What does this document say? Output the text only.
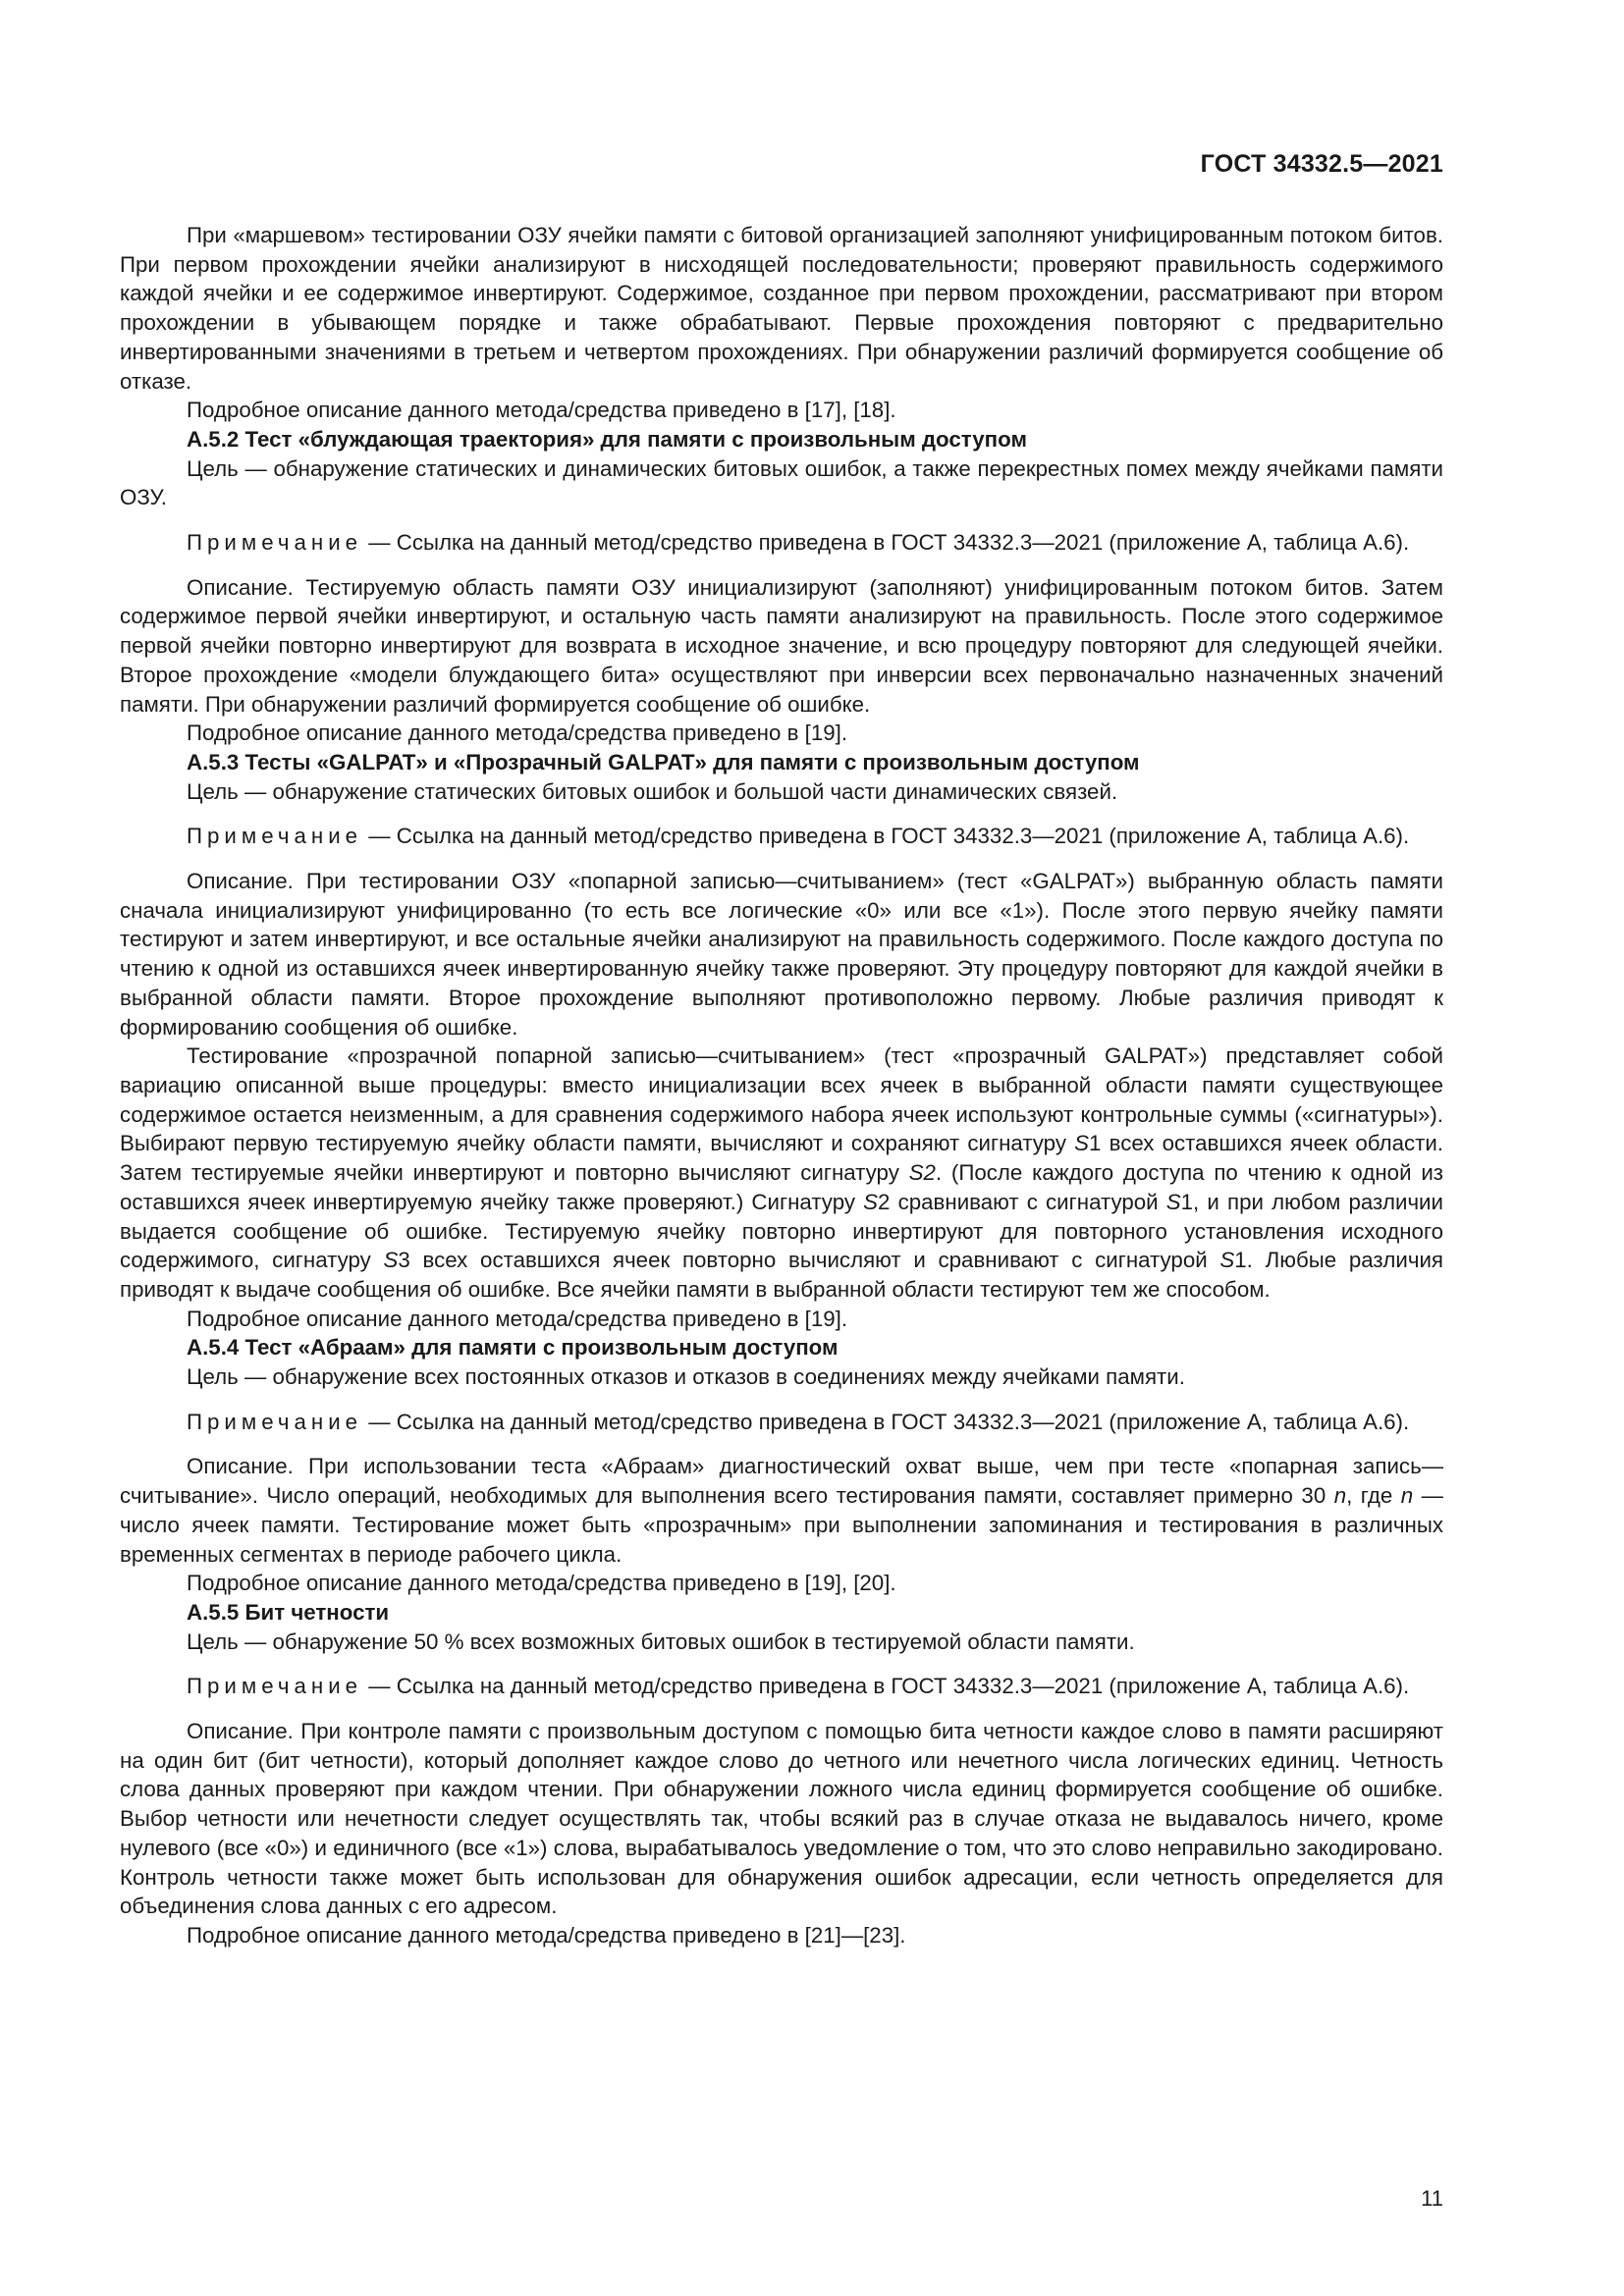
ГОСТ 34332.5—2021

При «маршевом» тестировании ОЗУ ячейки памяти с битовой организацией заполняют унифицированным потоком битов. При первом прохождении ячейки анализируют в нисходящей последовательности; проверяют правильность содержимого каждой ячейки и ее содержимое инвертируют. Содержимое, созданное при первом прохождении, рассматривают при втором прохождении в убывающем порядке и также обрабатывают. Первые прохождения повторяют с предварительно инвертированными значениями в третьем и четвертом прохождениях. При обнаружении различий формируется сообщение об отказе.

Подробное описание данного метода/средства приведено в [17], [18].

А.5.2 Тест «блуждающая траектория» для памяти с произвольным доступом

Цель — обнаружение статических и динамических битовых ошибок, а также перекрестных помех между ячейками памяти ОЗУ.

Примечание — Ссылка на данный метод/средство приведена в ГОСТ 34332.3—2021 (приложение А, таблица А.6).

Описание. Тестируемую область памяти ОЗУ инициализируют (заполняют) унифицированным потоком битов. Затем содержимое первой ячейки инвертируют, и остальную часть памяти анализируют на правильность. После этого содержимое первой ячейки повторно инвертируют для возврата в исходное значение, и всю процедуру повторяют для следующей ячейки. Второе прохождение «модели блуждающего бита» осуществляют при инверсии всех первоначально назначенных значений памяти. При обнаружении различий формируется сообщение об ошибке.

Подробное описание данного метода/средства приведено в [19].

А.5.3 Тесты «GALPAT» и «Прозрачный GALPAT» для памяти с произвольным доступом

Цель — обнаружение статических битовых ошибок и большой части динамических связей.

Примечание — Ссылка на данный метод/средство приведена в ГОСТ 34332.3—2021 (приложение А, таблица А.6).

Описание. При тестировании ОЗУ «попарной записью—считыванием» (тест «GALPAT») выбранную область памяти сначала инициализируют унифицированно (то есть все логические «0» или все «1»). После этого первую ячейку памяти тестируют и затем инвертируют, и все остальные ячейки анализируют на правильность содержимого. После каждого доступа по чтению к одной из оставшихся ячеек инвертированную ячейку также проверяют. Эту процедуру повторяют для каждой ячейки в выбранной области памяти. Второе прохождение выполняют противоположно первому. Любые различия приводят к формированию сообщения об ошибке.

Тестирование «прозрачной попарной записью—считыванием» (тест «прозрачный GALPAT») представляет собой вариацию описанной выше процедуры: вместо инициализации всех ячеек в выбранной области памяти существующее содержимое остается неизменным, а для сравнения содержимого набора ячеек используют контрольные суммы («сигнатуры»). Выбирают первую тестируемую ячейку области памяти, вычисляют и сохраняют сигнатуру S1 всех оставшихся ячеек области. Затем тестируемые ячейки инвертируют и повторно вычисляют сигнатуру S2. (После каждого доступа по чтению к одной из оставшихся ячеек инвертируемую ячейку также проверяют.) Сигнатуру S2 сравнивают с сигнатурой S1, и при любом различии выдается сообщение об ошибке. Тестируемую ячейку повторно инвертируют для повторного установления исходного содержимого, сигнатуру S3 всех оставшихся ячеек повторно вычисляют и сравнивают с сигнатурой S1. Любые различия приводят к выдаче сообщения об ошибке. Все ячейки памяти в выбранной области тестируют тем же способом.

Подробное описание данного метода/средства приведено в [19].

А.5.4 Тест «Абраам» для памяти с произвольным доступом

Цель — обнаружение всех постоянных отказов и отказов в соединениях между ячейками памяти.

Примечание — Ссылка на данный метод/средство приведена в ГОСТ 34332.3—2021 (приложение А, таблица А.6).

Описание. При использовании теста «Абраам» диагностический охват выше, чем при тесте «попарная запись—считывание». Число операций, необходимых для выполнения всего тестирования памяти, составляет примерно 30 n, где n — число ячеек памяти. Тестирование может быть «прозрачным» при выполнении запоминания и тестирования в различных временных сегментах в периоде рабочего цикла.

Подробное описание данного метода/средства приведено в [19], [20].

А.5.5 Бит четности

Цель — обнаружение 50 % всех возможных битовых ошибок в тестируемой области памяти.

Примечание — Ссылка на данный метод/средство приведена в ГОСТ 34332.3—2021 (приложение А, таблица А.6).

Описание. При контроле памяти с произвольным доступом с помощью бита четности каждое слово в памяти расширяют на один бит (бит четности), который дополняет каждое слово до четного или нечетного числа логических единиц. Четность слова данных проверяют при каждом чтении. При обнаружении ложного числа единиц формируется сообщение об ошибке. Выбор четности или нечетности следует осуществлять так, чтобы всякий раз в случае отказа не выдавалось ничего, кроме нулевого (все «0») и единичного (все «1») слова, вырабатывалось уведомление о том, что это слово неправильно закодировано. Контроль четности также может быть использован для обнаружения ошибок адресации, если четность определяется для объединения слова данных с его адресом.

Подробное описание данного метода/средства приведено в [21]—[23].

11
